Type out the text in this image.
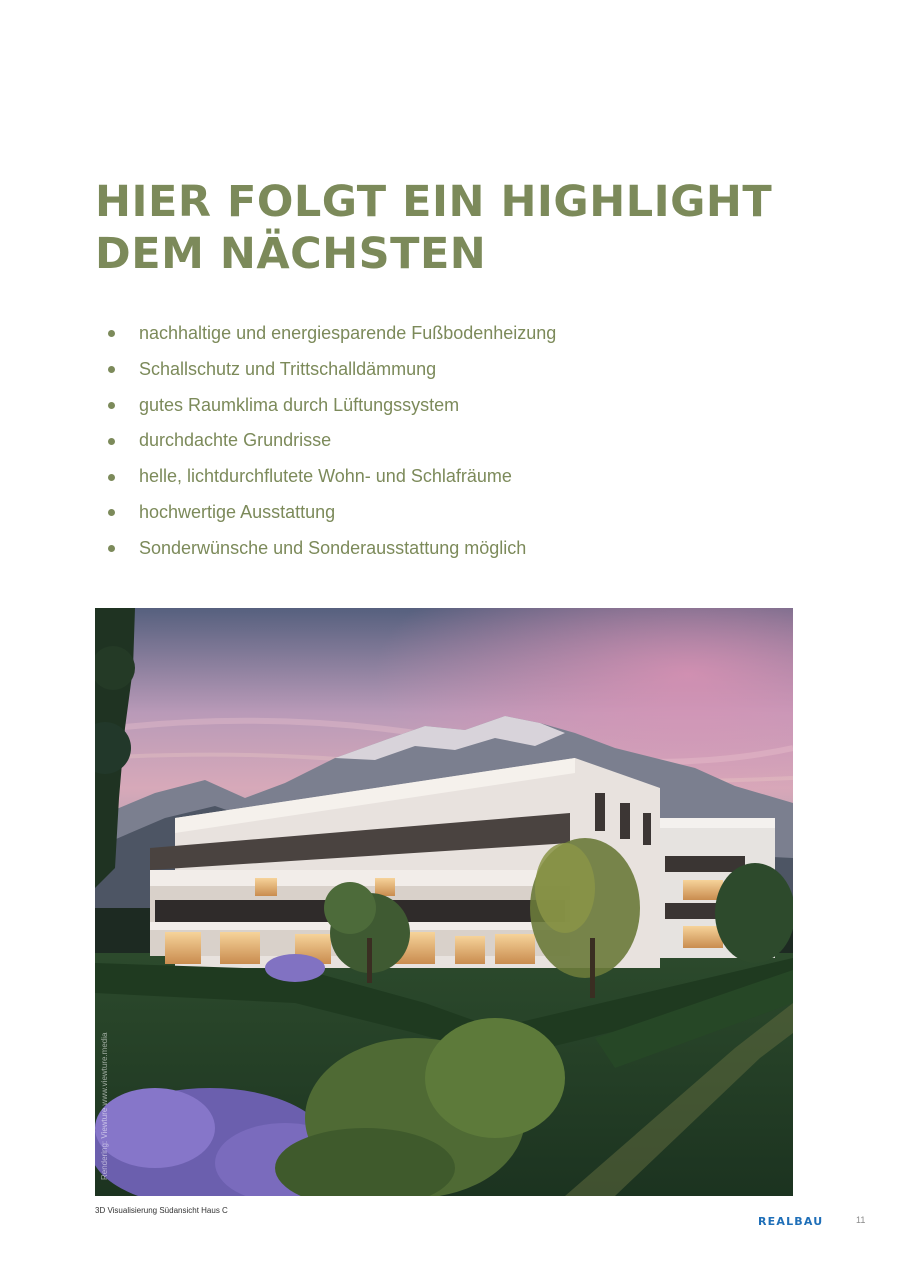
HIER FOLGT EIN HIGHLIGHT
DEM NÄCHSTEN
nachhaltige und energiesparende Fußbodenheizung
Schallschutz und Trittschalldämmung
gutes Raumklima durch Lüftungssystem
durchdachte Grundrisse
helle, lichtdurchflutete Wohn- und Schlafräume
hochwertige Ausstattung
Sonderwünsche und Sonderausstattung möglich
Rendering: Viewture www.viewture.media
3D Visualisierung Südansicht Haus C
REALBAU	11
